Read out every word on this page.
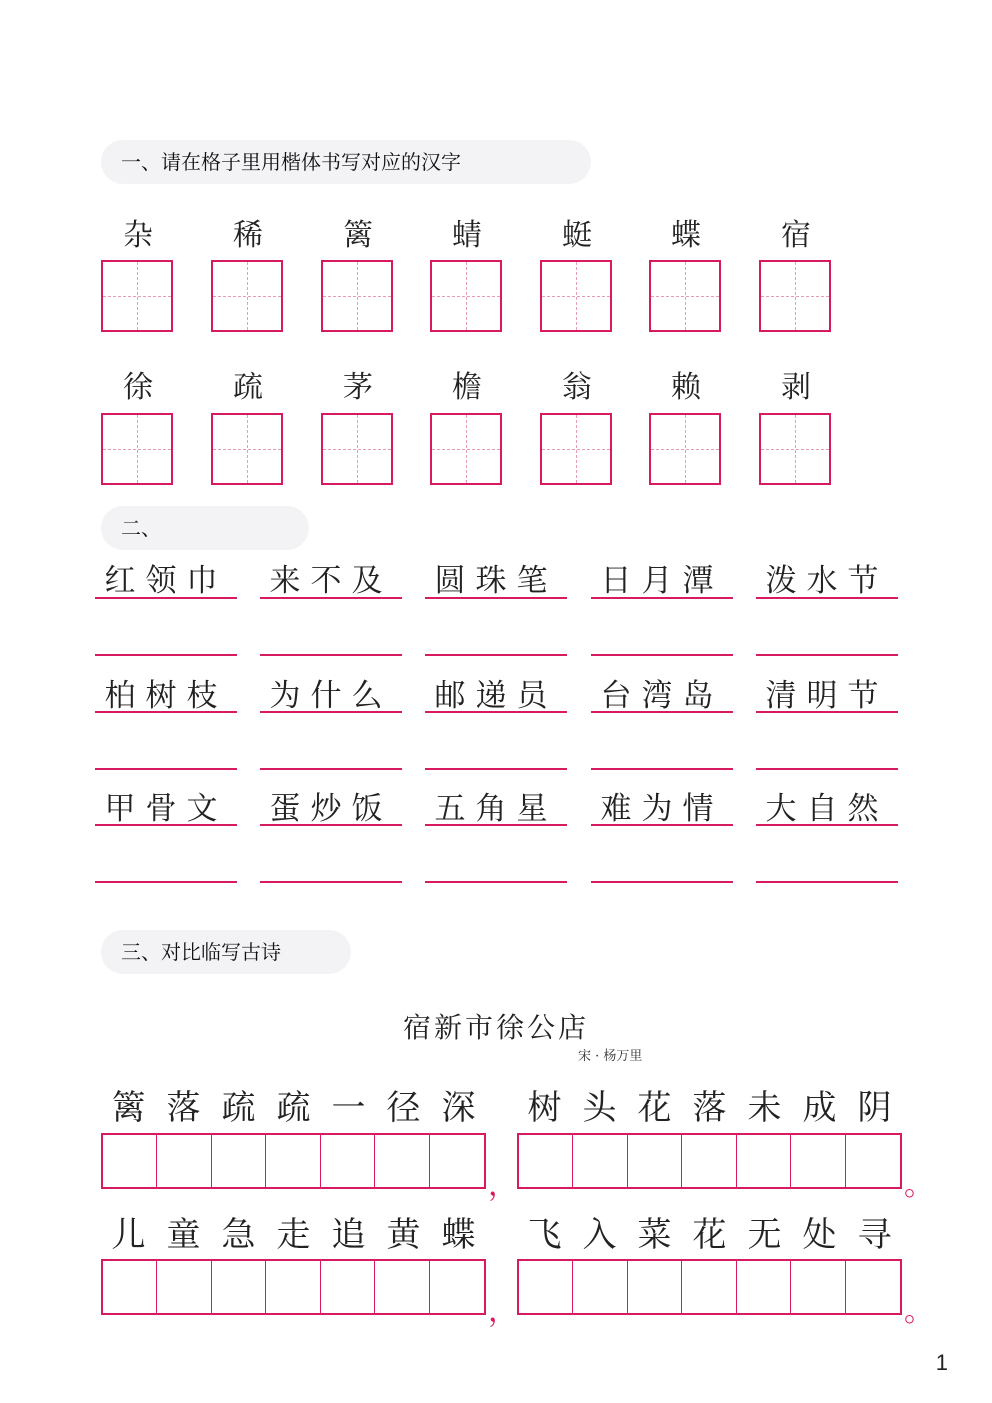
一、请在格子里用楷体书写对应的汉字
杂	稀	篱	蜻	蜓	蝶	宿
徐	疏	茅	檐	翁	赖	剥
二、
红领巾	来不及	圆珠笔	日月潭	泼水节
柏树枝	为什么	邮递员	台湾岛	清明节
甲骨文	蛋炒饭	五角星	难为情	大自然
三、对比临写古诗
宿新市徐公店
宋 · 杨万里
篱 落 疏 疏 一 径 深	树 头 花 落 未 成 阴
，	。
儿 童 急 走 追 黄 蝶	飞 入 菜 花 无 处 寻
，	。
1
